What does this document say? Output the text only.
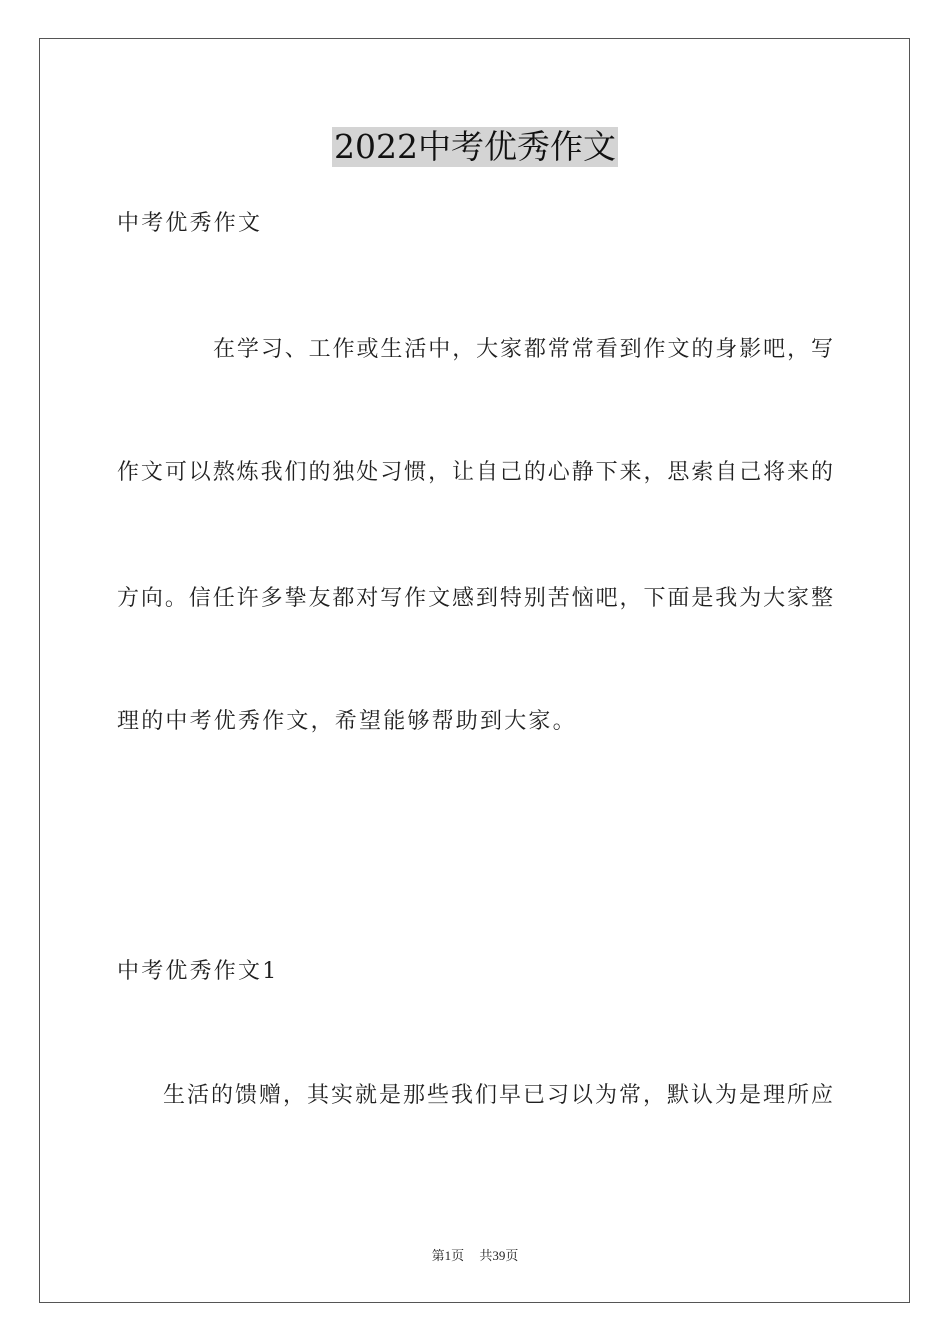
2022中考优秀作文
中考优秀作文
在学习、工作或生活中，大家都常常看到作文的身影吧，写
作文可以熬炼我们的独处习惯，让自己的心静下来，思索自己将来的
方向。信任许多挚友都对写作文感到特别苦恼吧，下面是我为大家整
理的中考优秀作文，希望能够帮助到大家。
中考优秀作文1
生活的馈赠，其实就是那些我们早已习以为常，默认为是理所应
第1页 共39页
